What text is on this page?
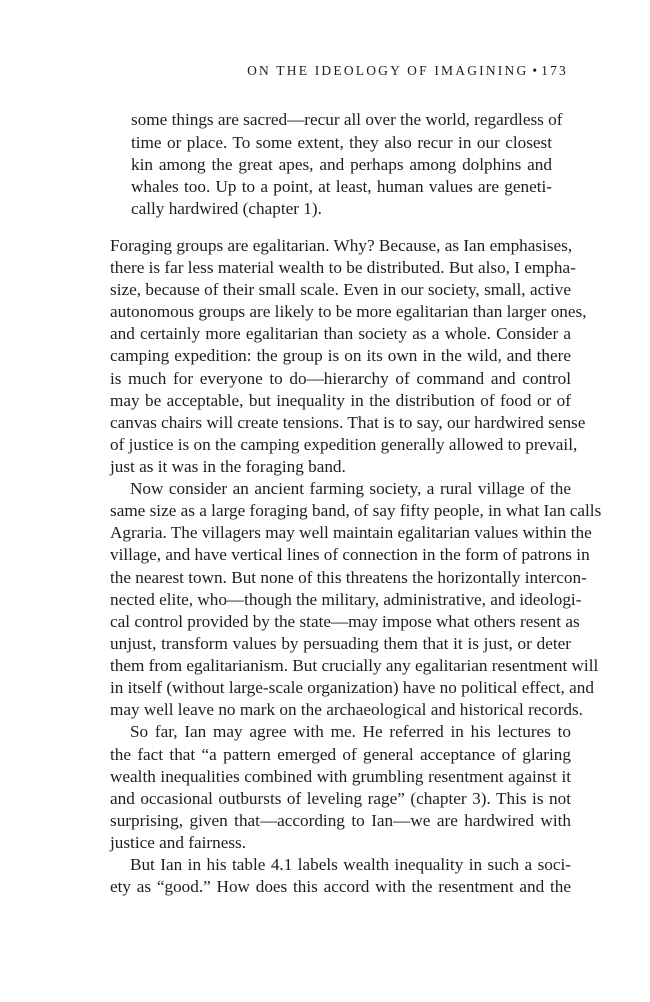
ON THE IDEOLOGY OF IMAGINING • 173
some things are sacred—recur all over the world, regardless of
time or place. To some extent, they also recur in our closest
kin among the great apes, and perhaps among dolphins and
whales too. Up to a point, at least, human values are geneti-
cally hardwired (chapter 1).
Foraging groups are egalitarian. Why? Because, as Ian emphasises,
there is far less material wealth to be distributed. But also, I empha-
size, because of their small scale. Even in our society, small, active
autonomous groups are likely to be more egalitarian than larger ones,
and certainly more egalitarian than society as a whole. Consider a
camping expedition: the group is on its own in the wild, and there
is much for everyone to do—hierarchy of command and control
may be acceptable, but inequality in the distribution of food or of
canvas chairs will create tensions. That is to say, our hardwired sense
of justice is on the camping expedition generally allowed to prevail,
just as it was in the foraging band.
Now consider an ancient farming society, a rural village of the
same size as a large foraging band, of say fifty people, in what Ian calls
Agraria. The villagers may well maintain egalitarian values within the
village, and have vertical lines of connection in the form of patrons in
the nearest town. But none of this threatens the horizontally intercon-
nected elite, who—though the military, administrative, and ideologi-
cal control provided by the state—may impose what others resent as
unjust, transform values by persuading them that it is just, or deter
them from egalitarianism. But crucially any egalitarian resentment will
in itself (without large-scale organization) have no political effect, and
may well leave no mark on the archaeological and historical records.
So far, Ian may agree with me. He referred in his lectures to
the fact that “a pattern emerged of general acceptance of glaring
wealth inequalities combined with grumbling resentment against it
and occasional outbursts of leveling rage” (chapter 3). This is not
surprising, given that—according to Ian—we are hardwired with
justice and fairness.
But Ian in his table 4.1 labels wealth inequality in such a soci-
ety as “good.” How does this accord with the resentment and the
